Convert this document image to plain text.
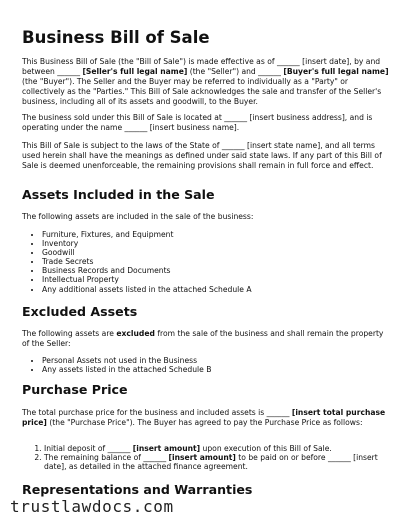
Business Bill of Sale

This Business Bill of Sale (the "Bill of Sale") is made effective as of ______ [insert date], by and between ______ [Seller's full legal name] (the "Seller") and ______ [Buyer's full legal name] (the "Buyer"). The Seller and the Buyer may be referred to individually as a "Party" or collectively as the "Parties." This Bill of Sale acknowledges the sale and transfer of the Seller's business, including all of its assets and goodwill, to the Buyer.

The business sold under this Bill of Sale is located at ______ [insert business address], and is operating under the name ______ [insert business name].

This Bill of Sale is subject to the laws of the State of ______ [insert state name], and all terms used herein shall have the meanings as defined under said state laws. If any part of this Bill of Sale is deemed unenforceable, the remaining provisions shall remain in full force and effect.

Assets Included in the Sale

The following assets are included in the sale of the business:

• Furniture, Fixtures, and Equipment
• Inventory
• Goodwill
• Trade Secrets
• Business Records and Documents
• Intellectual Property
• Any additional assets listed in the attached Schedule A
Excluded Assets

The following assets are excluded from the sale of the business and shall remain the property of the Seller:

• Personal Assets not used in the Business
• Any assets listed in the attached Schedule B
Purchase Price

The total purchase price for the business and included assets is ______ [insert total purchase price] (the "Purchase Price"). The Buyer has agreed to pay the Purchase Price as follows:

1. Initial deposit of ______ [insert amount] upon execution of this Bill of Sale.
2. The remaining balance of ______ [insert amount] to be paid on or before ______ [insert date], as detailed in the attached finance agreement.
Representations and Warranties
trustlawdocs.com
